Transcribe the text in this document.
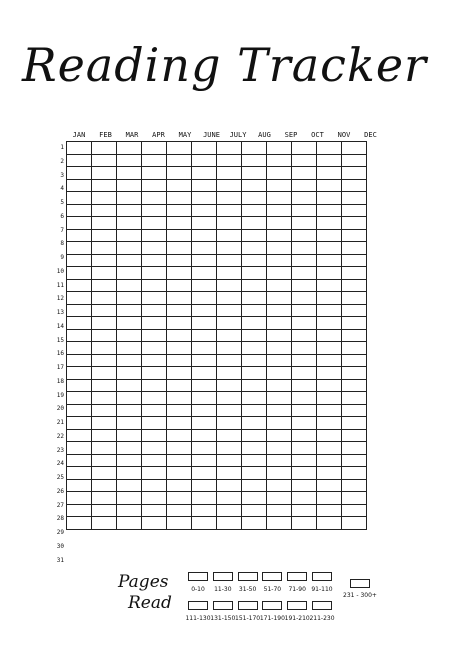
Reading Tracker
JAN	FEB	MAR	APR	MAY	JUNE	JULY	AUG	SEP	OCT	NOV	DEC
1
2
3
4
5
6
7
8
9
10
11
12
13
14
15
16
17
18
19
20
21
22
23
24
25
26
27
28
29
30
31

Pages
Read
0-10	11-30	31-50	51-70	71-90 91-110
111-130 131-150 151-170 171-190 191-210 211-230
231 - 300+
